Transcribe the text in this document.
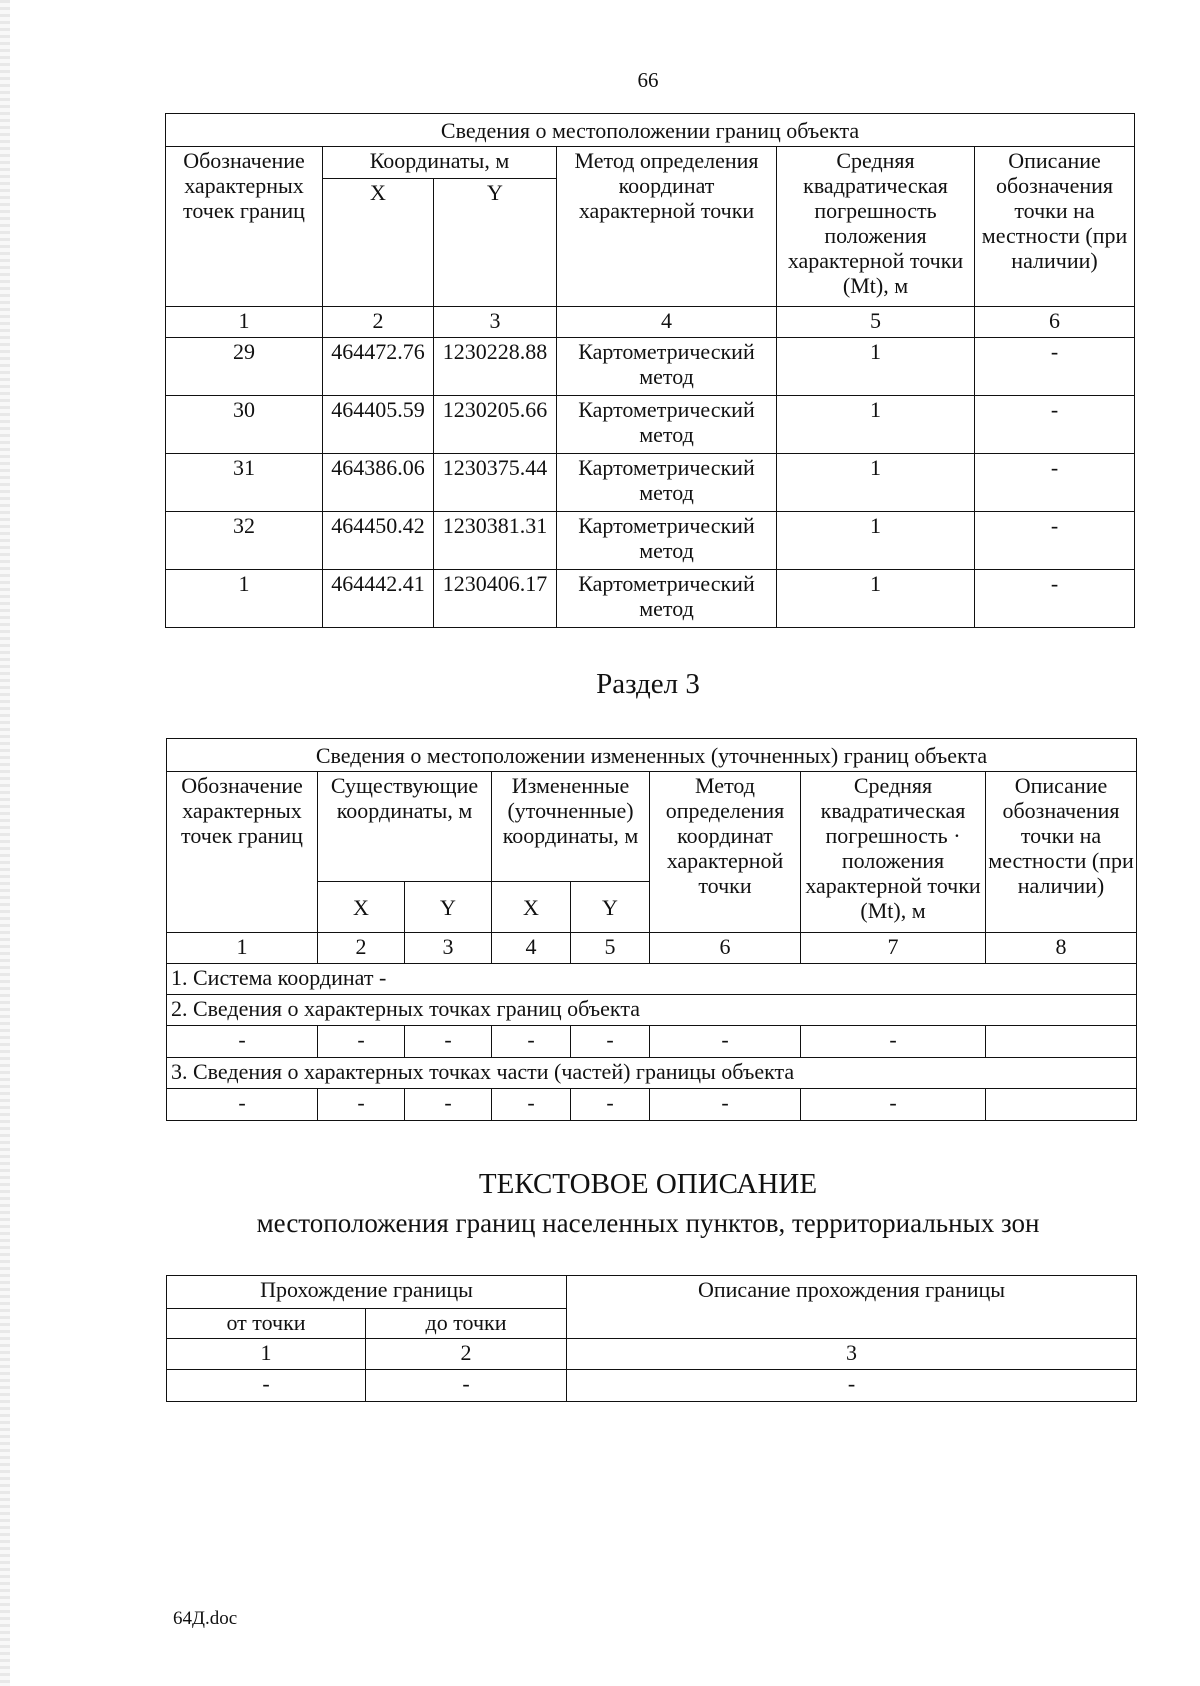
66
Сведения о местоположении границ объекта					
Обозначение характерных точек границ	Координаты, м		Метод определения координат характерной точки	Средняя квадратическая погрешность положения характерной точки (Mt), м	Описание обозначения точки на местности (при наличии)
	X	Y			
1	2	3	4	5	6
29	464472.76	1230228.88	Картометрический метод	1	-
30	464405.59	1230205.66	Картометрический метод	1	-
31	464386.06	1230375.44	Картометрический метод	1	-
32	464450.42	1230381.31	Картометрический метод	1	-
1	464442.41	1230406.17	Картометрический метод	1	-
Раздел 3
Сведения о местоположении измененных (уточненных) границ объекта							
Обозначение характерных точек границ	Существующие координаты, м		Измененные (уточненные) координаты, м		Метод определения координат характерной точки	Средняя квадратическая погрешность · положения характерной точки (Mt), м	Описание обозначения точки на местности (при наличии)
	X	Y	X	Y			
1	2	3	4	5	6	7	8
1. Система координат -							
2. Сведения о характерных точках границ объекта							
-	-	-	-	-	-	-	
3. Сведения о характерных точках части (частей) границы объекта							
-	-	-	-	-	-	-	
ТЕКСТОВОЕ ОПИСАНИЕ
местоположения границ населенных пунктов, территориальных зон
Прохождение границы		Описание прохождения границы
от точки	до точки	
1	2	3
-	-	-
64Д.doc
